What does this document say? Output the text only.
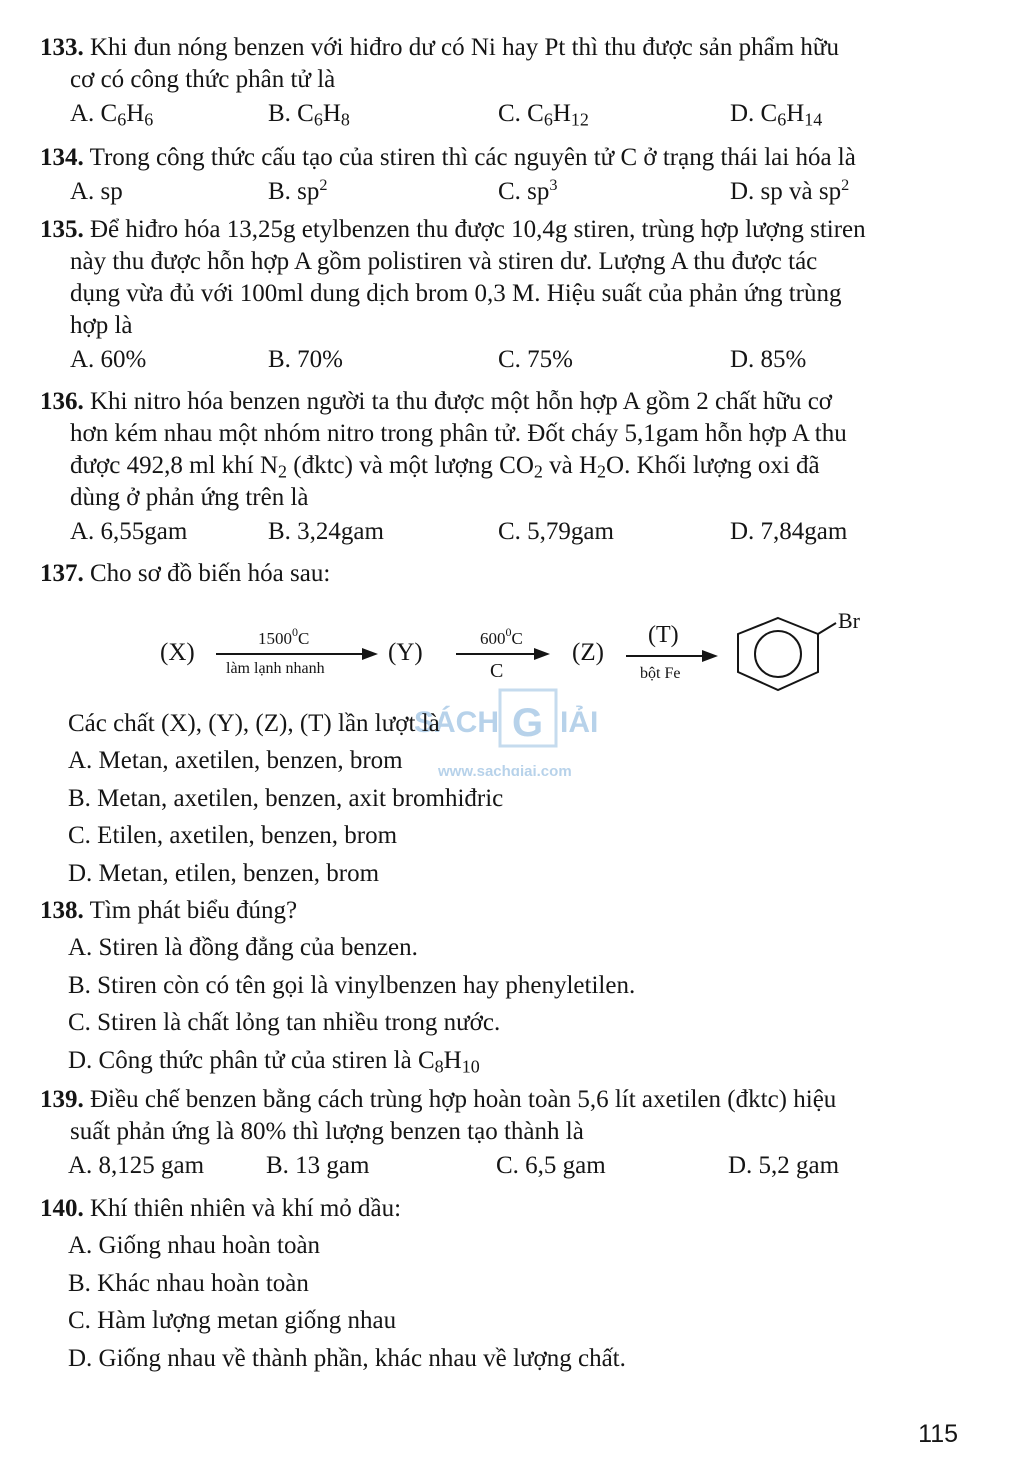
133. Khi đun nóng benzen với hiđro dư có Ni hay Pt thì thu được sản phẩm hữu
cơ có công thức phân tử là
A. $C_6H_6$	B. $C_6H_8$	C. $C_6H_{12}$	D. $C_6H_{14}$
134. Trong công thức cấu tạo của stiren thì các nguyên tử C ở trạng thái lai hóa là
A. sp	B. $sp^2$	C. $sp^3$	D. sp và $sp^2$
135. Để hiđro hóa 13,25g etylbenzen thu được 10,4g stiren, trùng hợp lượng stiren
này thu được hỗn hợp A gồm polistiren và stiren dư. Lượng A thu được tác
dụng vừa đủ với 100ml dung dịch brom 0,3 M. Hiệu suất của phản ứng trùng
hợp là
A. 60%	B. 70%	C. 75%	D. 85%
136. Khi nitro hóa benzen người ta thu được một hỗn hợp A gồm 2 chất hữu cơ
hơn kém nhau một nhóm nitro trong phân tử. Đốt cháy 5,1gam hỗn hợp A thu
được 492,8 ml khí $N_2$ (đktc) và một lượng $CO_2$ và $H_2O$. Khối lượng oxi đã
dùng ở phản ứng trên là
A. 6,55gam	B. 3,24gam	C. 5,79gam	D. 7,84gam
137. Cho sơ đồ biến hóa sau:
(X)
1500$^0$C
làm lạnh nhanh
(Y)
$600^0C$
C
(Z)
(T)
bột Fe
Br
SÁCH G IẢI
www.sachgiai.com
Các chất (X), (Y), (Z), (T) lần lượt là
A. Metan, axetilen, benzen, brom
B. Metan, axetilen, benzen, axit bromhiđric
C. Etilen, axetilen, benzen, brom
D. Metan, etilen, benzen, brom
138. Tìm phát biểu đúng?
A. Stiren là đồng đẳng của benzen.
B. Stiren còn có tên gọi là vinylbenzen hay phenyletilen.
C. Stiren là chất lỏng tan nhiều trong nước.
D. Công thức phân tử của stiren là $C_8H_{10}$
139. Điều chế benzen bằng cách trùng hợp hoàn toàn 5,6 lít axetilen (đktc) hiệu
suất phản ứng là 80% thì lượng benzen tạo thành là
A. 8,125 gam B. 13 gam	C. 6,5 gam	D. 5,2 gam
140. Khí thiên nhiên và khí mỏ dầu:
A. Giống nhau hoàn toàn
B. Khác nhau hoàn toàn
C. Hàm lượng metan giống nhau
D. Giống nhau về thành phần, khác nhau về lượng chất.
115
